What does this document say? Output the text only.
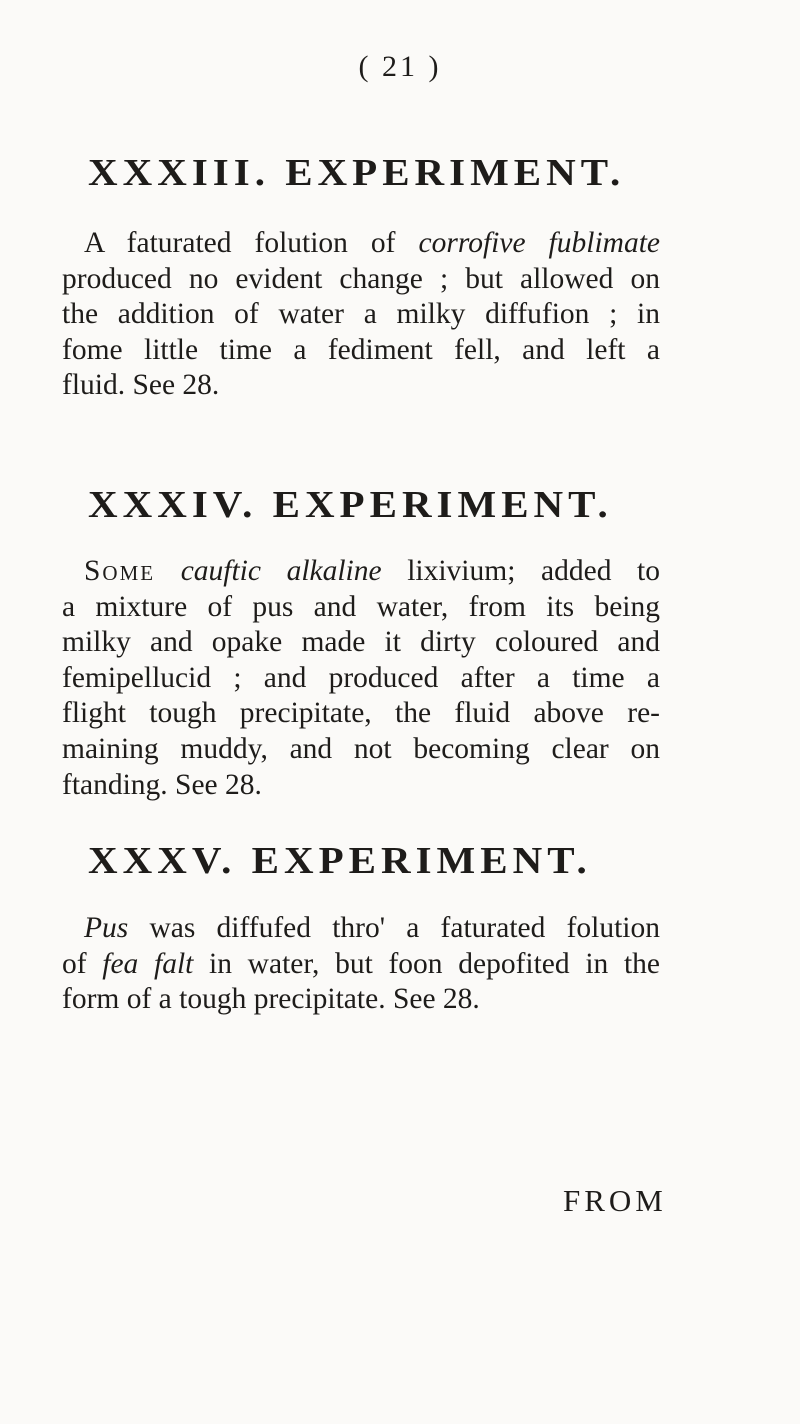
( 21 )
XXXIII. EXPERIMENT.
A faturated folution of corrofive fublimate
produced no evident change ; but allowed on
the addition of water a milky diffufion ; in
fome little time a fediment fell, and left a
fluid. See 28.
XXXIV. EXPERIMENT.
Some cauftic alkaline lixivium; added to
a mixture of pus and water, from its being
milky and opake made it dirty coloured and
femipellucid ; and produced after a time a
flight tough precipitate, the fluid above re-
maining muddy, and not becoming clear on
ftanding. See 28.
XXXV. EXPERIMENT.
Pus was diffufed thro' a faturated folution
of fea falt in water, but foon depofited in the
form of a tough precipitate. See 28.
FROM
